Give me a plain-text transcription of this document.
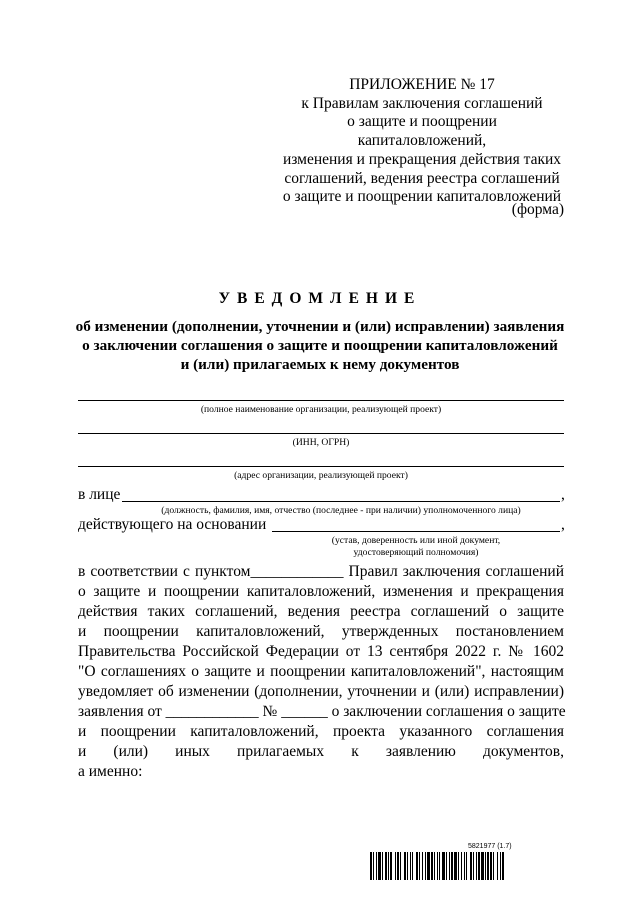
ПРИЛОЖЕНИЕ № 17
к Правилам заключения соглашений
о защите и поощрении капиталовложений,
изменения и прекращения действия таких
соглашений, ведения реестра соглашений
о защите и поощрении капиталовложений
(форма)
УВЕДОМЛЕНИЕ
об изменении (дополнении, уточнении и (или) исправлении) заявления
о заключении соглашения о защите и поощрении капиталовложений
и (или) прилагаемых к нему документов
(полное наименование организации, реализующей проект)
(ИНН, ОГРН)
(адрес организации, реализующей проект)
в лице	,
(должность, фамилия, имя, отчество (последнее - при наличии) уполномоченного лица)
действующего на основании	,
(устав, доверенность или иной документ,
удостоверяющий полномочия)
в соответствии с пунктом____________ Правил заключения соглашений
о защите и поощрении капиталовложений, изменения и прекращения
действия таких соглашений, ведения реестра соглашений о защите
и поощрении капиталовложений, утвержденных постановлением
Правительства Российской Федерации от 13 сентября 2022 г. № 1602
"О соглашениях о защите и поощрении капиталовложений", настоящим
уведомляет об изменении (дополнении, уточнении и (или) исправлении)
заявления от ____________ № ______ о заключении соглашения о защите
и поощрении капиталовложений, проекта указанного соглашения
и (или) иных прилагаемых к заявлению документов,
а именно:
5821977 (1.7)
